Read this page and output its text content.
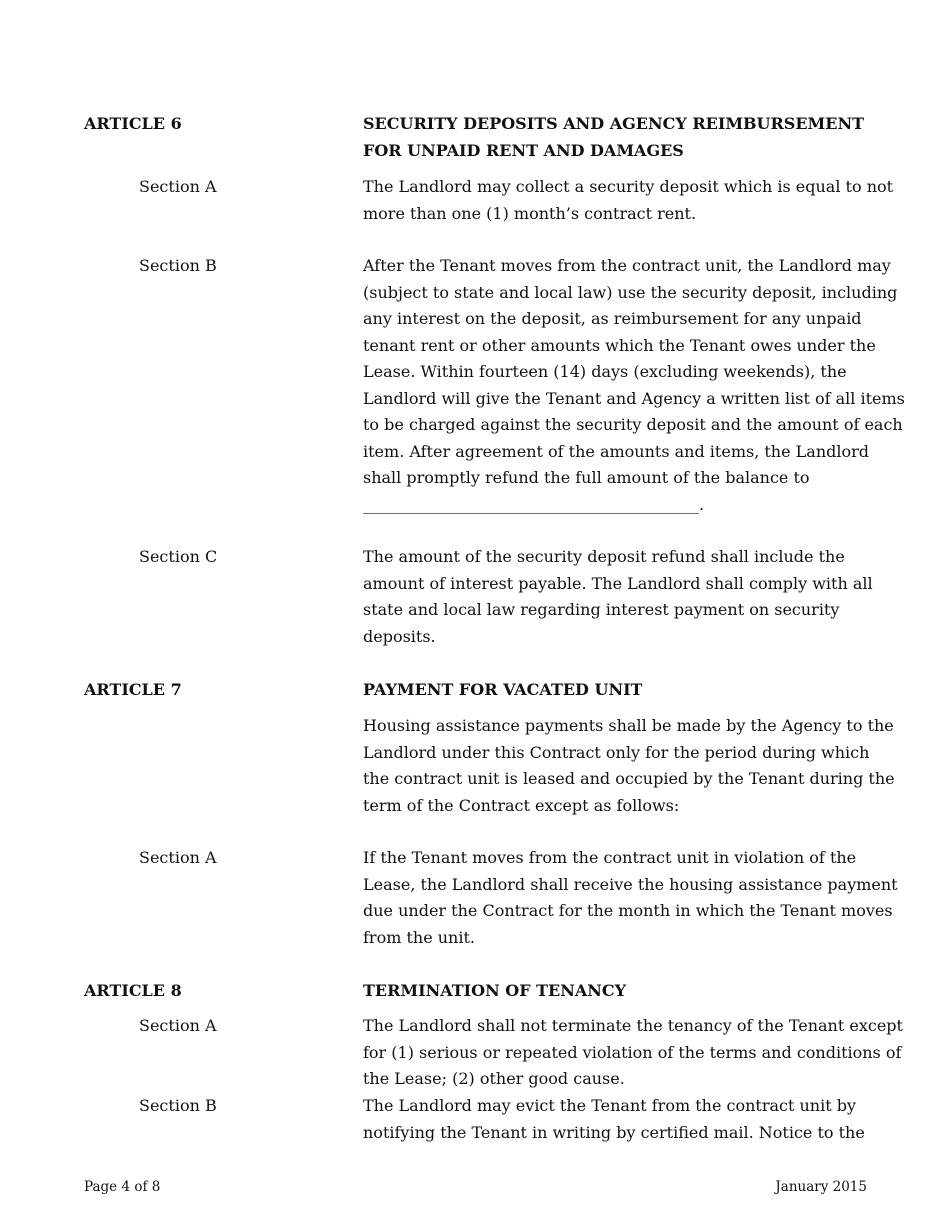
ARTICLE 6	SECURITY DEPOSITS AND AGENCY REIMBURSEMENT
FOR UNPAID RENT AND DAMAGES
Section A	The Landlord may collect a security deposit which is equal to not
more than one (1) month’s contract rent.
Section B	After the Tenant moves from the contract unit, the Landlord may
(subject to state and local law) use the security deposit, including
any interest on the deposit, as reimbursement for any unpaid
tenant rent or other amounts which the Tenant owes under the
Lease. Within fourteen (14) days (excluding weekends), the
Landlord will give the Tenant and Agency a written list of all items
to be charged against the security deposit and the amount of each
item. After agreement of the amounts and items, the Landlord
shall promptly refund the full amount of the balance to
__________________________________________.
Section C	The amount of the security deposit refund shall include the
amount of interest payable. The Landlord shall comply with all
state and local law regarding interest payment on security
deposits.
ARTICLE 7	PAYMENT FOR VACATED UNIT
Housing assistance payments shall be made by the Agency to the
Landlord under this Contract only for the period during which
the contract unit is leased and occupied by the Tenant during the
term of the Contract except as follows:
Section A	If the Tenant moves from the contract unit in violation of the
Lease, the Landlord shall receive the housing assistance payment
due under the Contract for the month in which the Tenant moves
from the unit.
ARTICLE 8	TERMINATION OF TENANCY
Section A	The Landlord shall not terminate the tenancy of the Tenant except
for (1) serious or repeated violation of the terms and conditions of
the Lease; (2) other good cause.
Section B	The Landlord may evict the Tenant from the contract unit by
notifying the Tenant in writing by certified mail. Notice to the
Page 4 of 8	January 2015
